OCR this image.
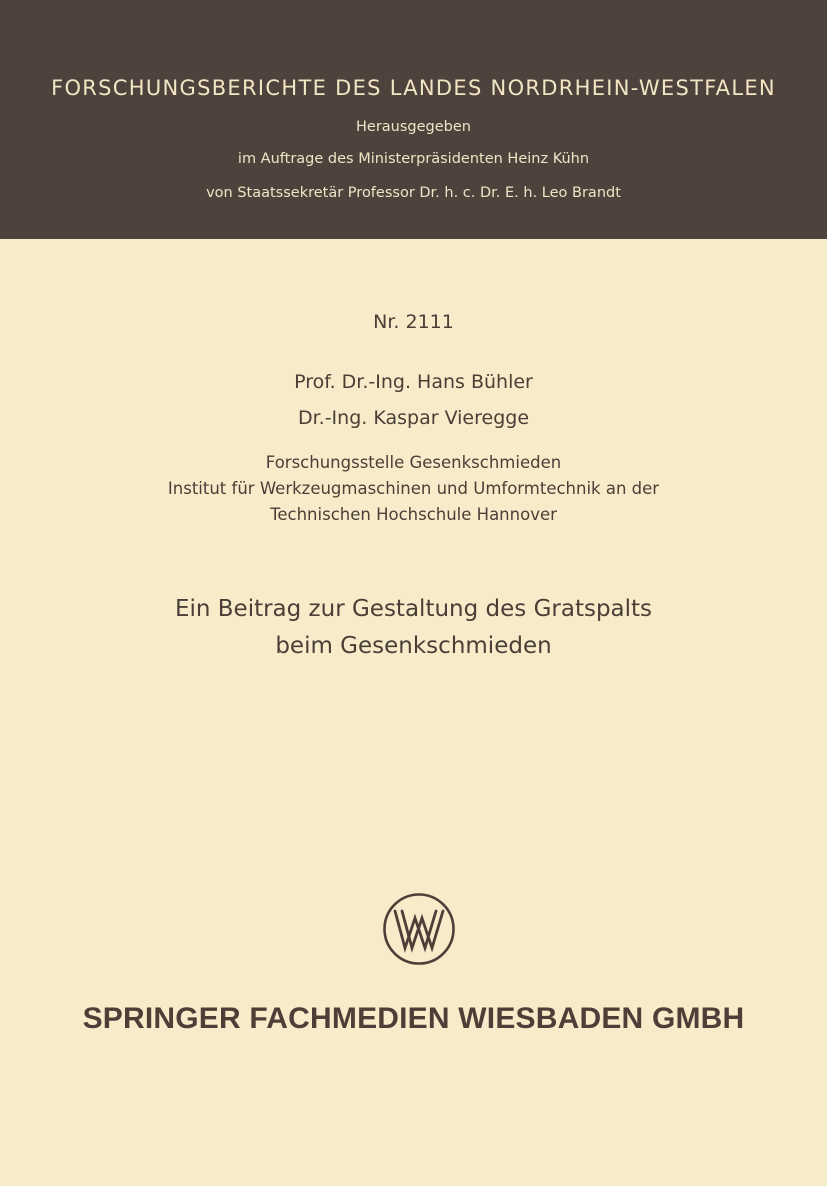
FORSCHUNGSBERICHTE DES LANDES NORDRHEIN-WESTFALEN
Herausgegeben
im Auftrage des Ministerpräsidenten Heinz Kühn
von Staatssekretär Professor Dr. h. c. Dr. E. h. Leo Brandt
Nr. 2111
Prof. Dr.-Ing. Hans Bühler
Dr.-Ing. Kaspar Vieregge
Forschungsstelle Gesenkschmieden
Institut für Werkzeugmaschinen und Umformtechnik an der
Technischen Hochschule Hannover
Ein Beitrag zur Gestaltung des Gratspalts
beim Gesenkschmieden
SPRINGER FACHMEDIEN WIESBADEN GMBH
